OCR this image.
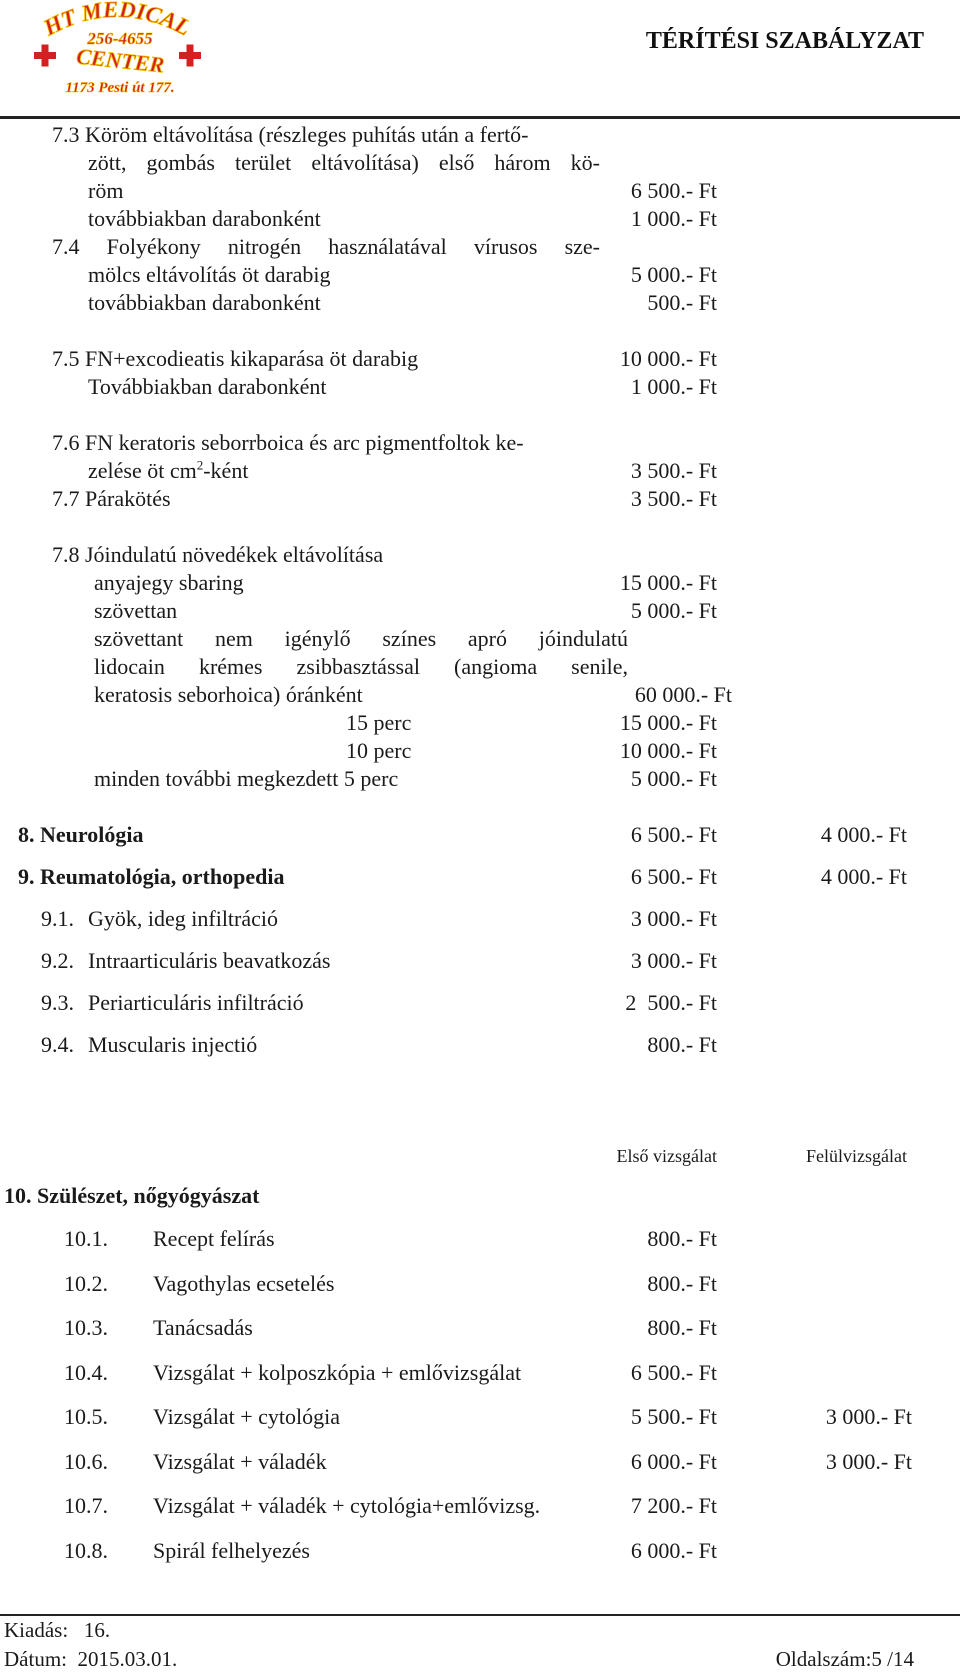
HT MEDICAL
256-4655
CENTER
1173 Pesti út 177.
TÉRÍTÉSI SZABÁLYZAT
7.3 Köröm eltávolítása (részleges puhítás után a fertő-
zött, gombás terület eltávolítása) első három kö-
röm	6 500.- Ft
továbbiakban darabonként	1 000.- Ft
7.4 Folyékony nitrogén használatával vírusos sze-
mölcs eltávolítás öt darabig	5 000.- Ft
továbbiakban darabonként	500.- Ft
7.5 FN+excodieatis kikaparása öt darabig	10 000.- Ft
Továbbiakban darabonként	1 000.- Ft
7.6 FN keratoris seborrboica és arc pigmentfoltok ke-
zelése öt $cm^2$-ként	3 500.- Ft
7.7 Párakötés	3 500.- Ft
7.8 Jóindulatú növedékek eltávolítása
anyajegy sbaring	15 000.- Ft
szövettan	5 000.- Ft
szövettant nem igénylő színes apró jóindulatú
lidocain krémes zsibbasztással (angioma senile,
keratosis seborhoica) óránként	60 000.- Ft
15 perc	15 000.- Ft
10 perc	10 000.- Ft
minden további megkezdett 5 perc	5 000.- Ft
8. Neurológia	6 500.- Ft	4 000.- Ft
9. Reumatológia, orthopedia	6 500.- Ft	4 000.- Ft
9.1. Gyök, ideg infiltráció	3 000.- Ft
9.2. Intraarticuláris beavatkozás	3 000.- Ft
9.3. Periarticuláris infiltráció	2  500.- Ft
9.4. Muscularis injectió	800.- Ft
Első vizsgálat	Felülvizsgálat
10. Szülészet, nőgyógyászat
10.1. Recept felírás	800.- Ft
10.2. Vagothylas ecsetelés	800.- Ft
10.3. Tanácsadás	800.- Ft
10.4. Vizsgálat + kolposzkópia + emlővizsgálat	6 500.- Ft
10.5. Vizsgálat + cytológia	5 500.- Ft	3 000.- Ft
10.6. Vizsgálat + váladék	6 000.- Ft	3 000.- Ft
10.7. Vizsgálat + váladék + cytológia+emlővizsg.	7 200.- Ft
10.8. Spirál felhelyezés	6 000.- Ft
Kiadás:   16.
Dátum:  2015.03.01.	Oldalszám:5 /14
